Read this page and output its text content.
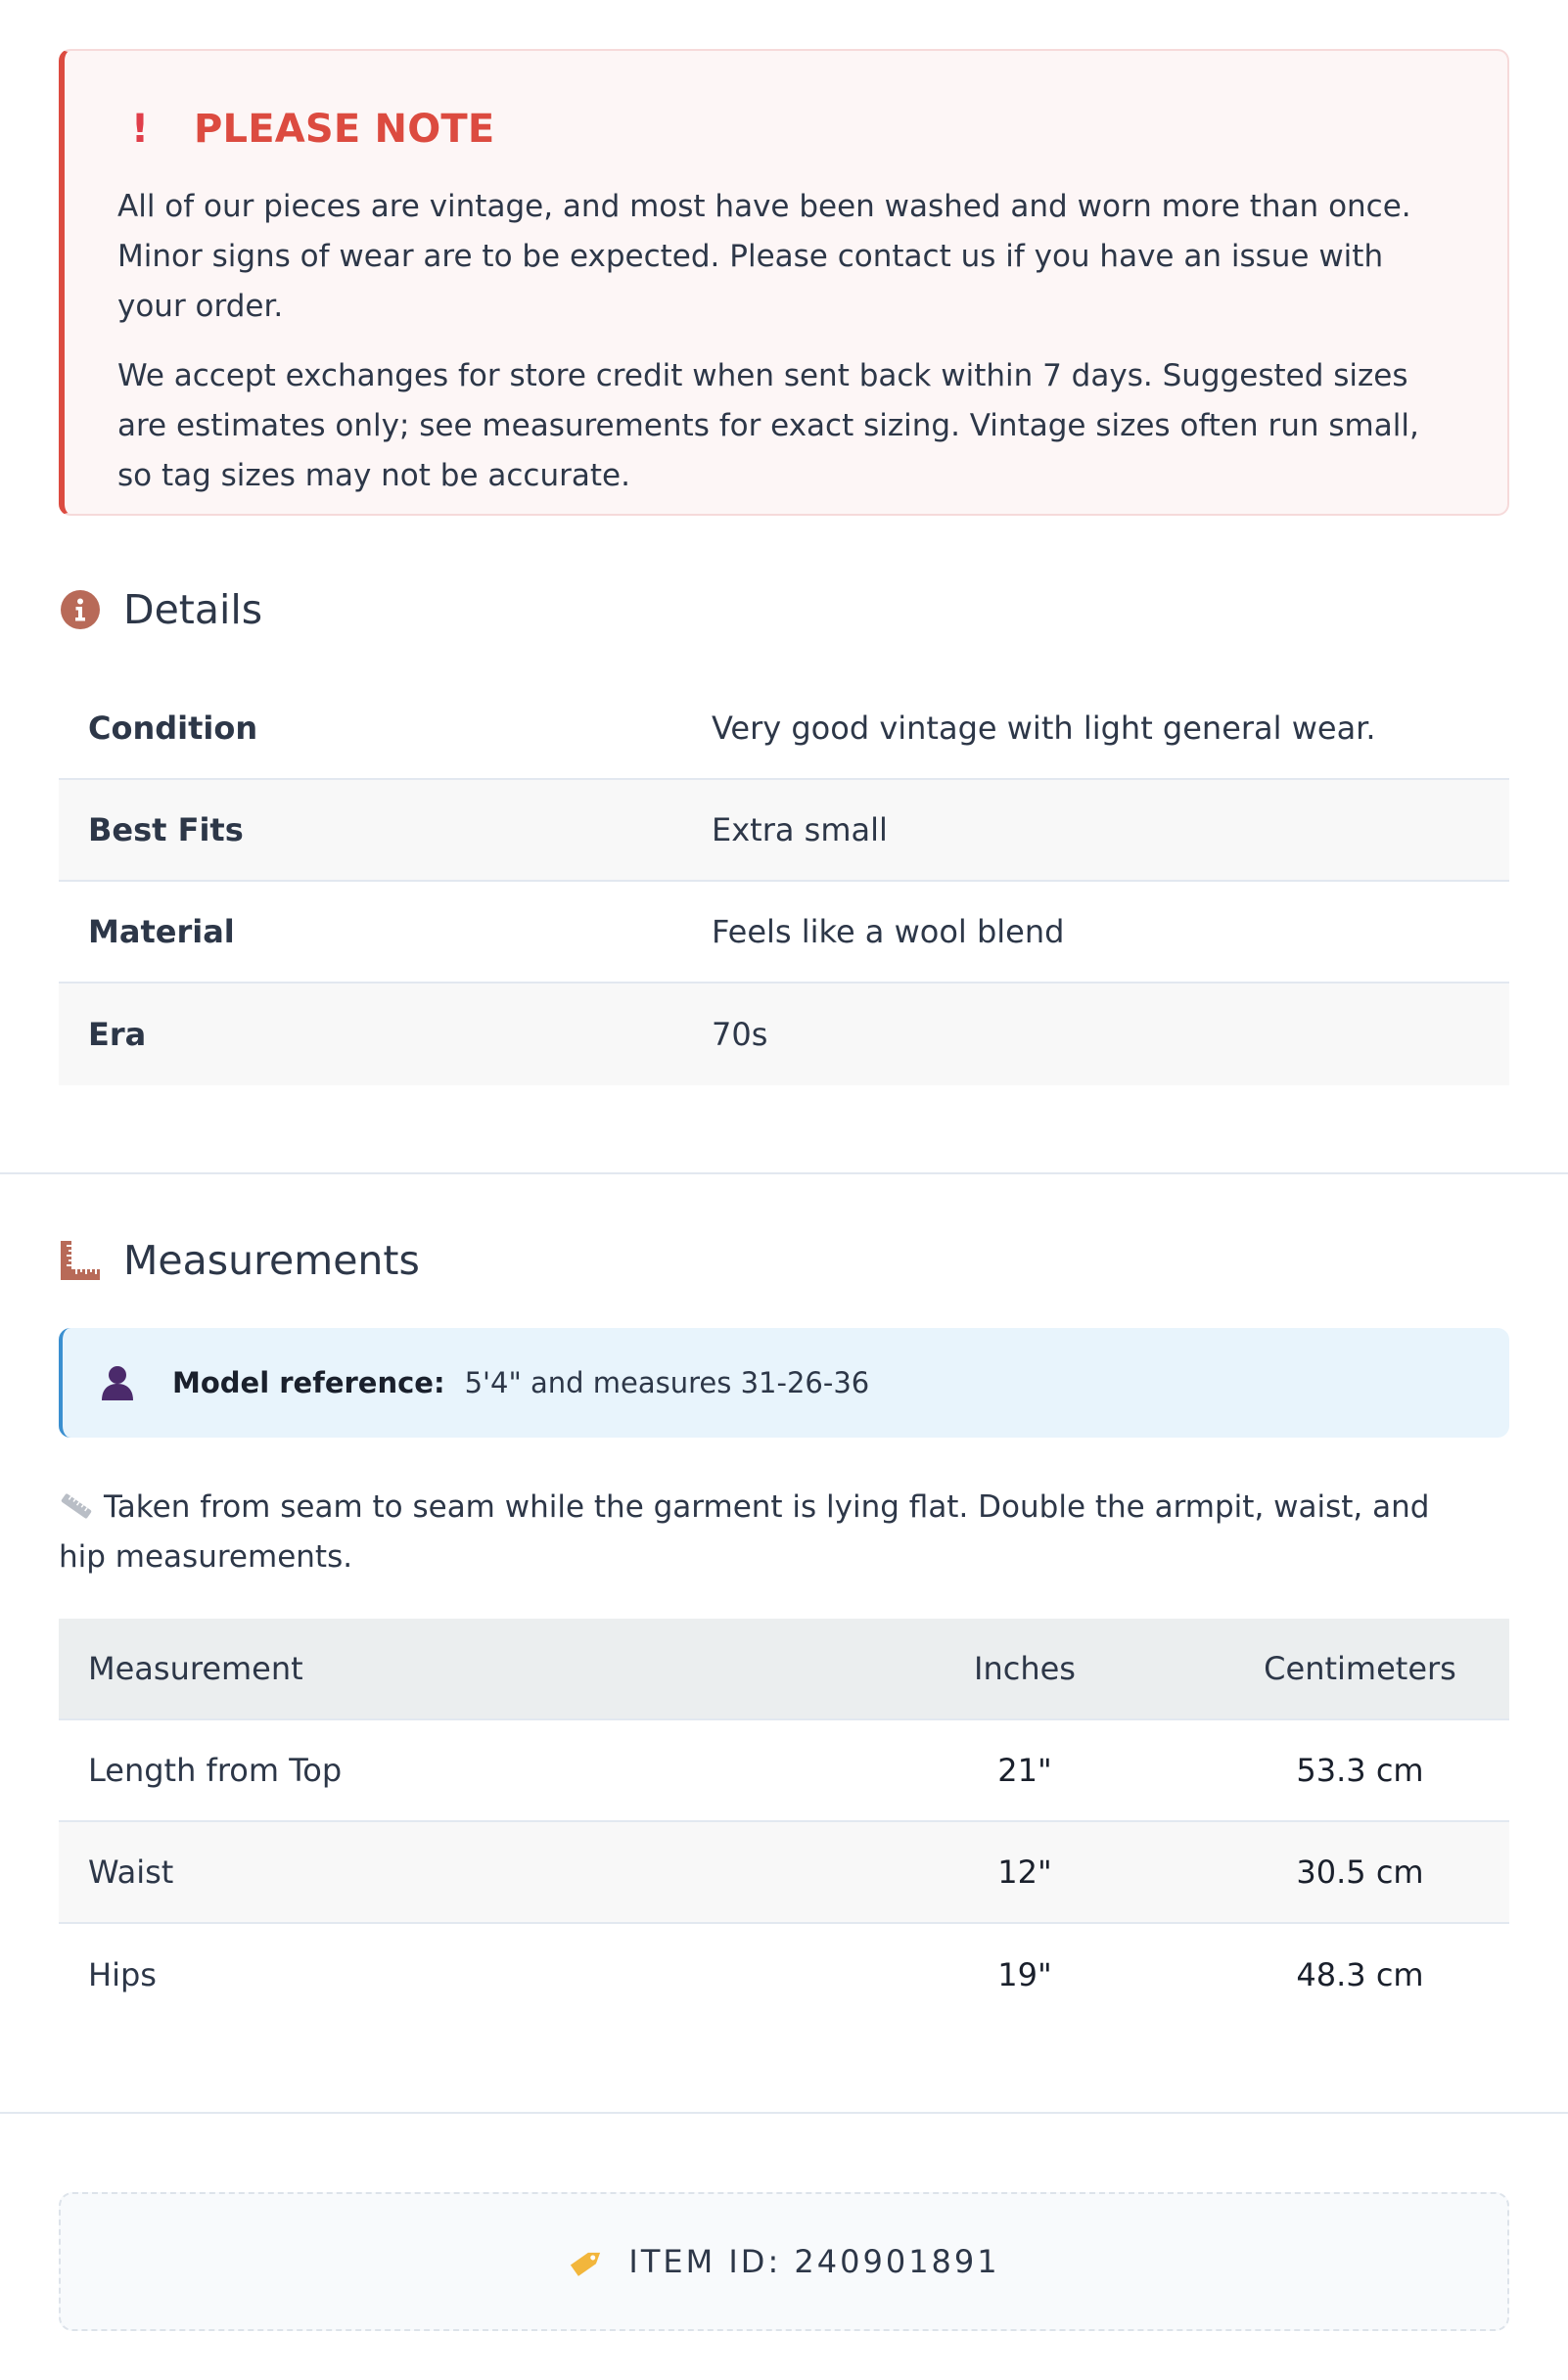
!	PLEASE NOTE

All of our pieces are vintage, and most have been washed and worn more than once. Minor signs of wear are to be expected. Please contact us if you have an issue with your order.

We accept exchanges for store credit when sent back within 7 days. Suggested sizes are estimates only; see measurements for exact sizing. Vintage sizes often run small, so tag sizes may not be accurate.

Details
Condition	Very good vintage with light general wear.
Best Fits	Extra small
Material	Feels like a wool blend
Era	70s
Measurements
Model reference: 5'4" and measures 31-26-36
Taken from seam to seam while the garment is lying flat. Double the armpit, waist, and hip measurements.
Measurement	Inches	Centimeters
Length from Top	21"	53.3 cm
Waist	12"	30.5 cm
Hips	19"	48.3 cm
ITEM ID: 240901891
